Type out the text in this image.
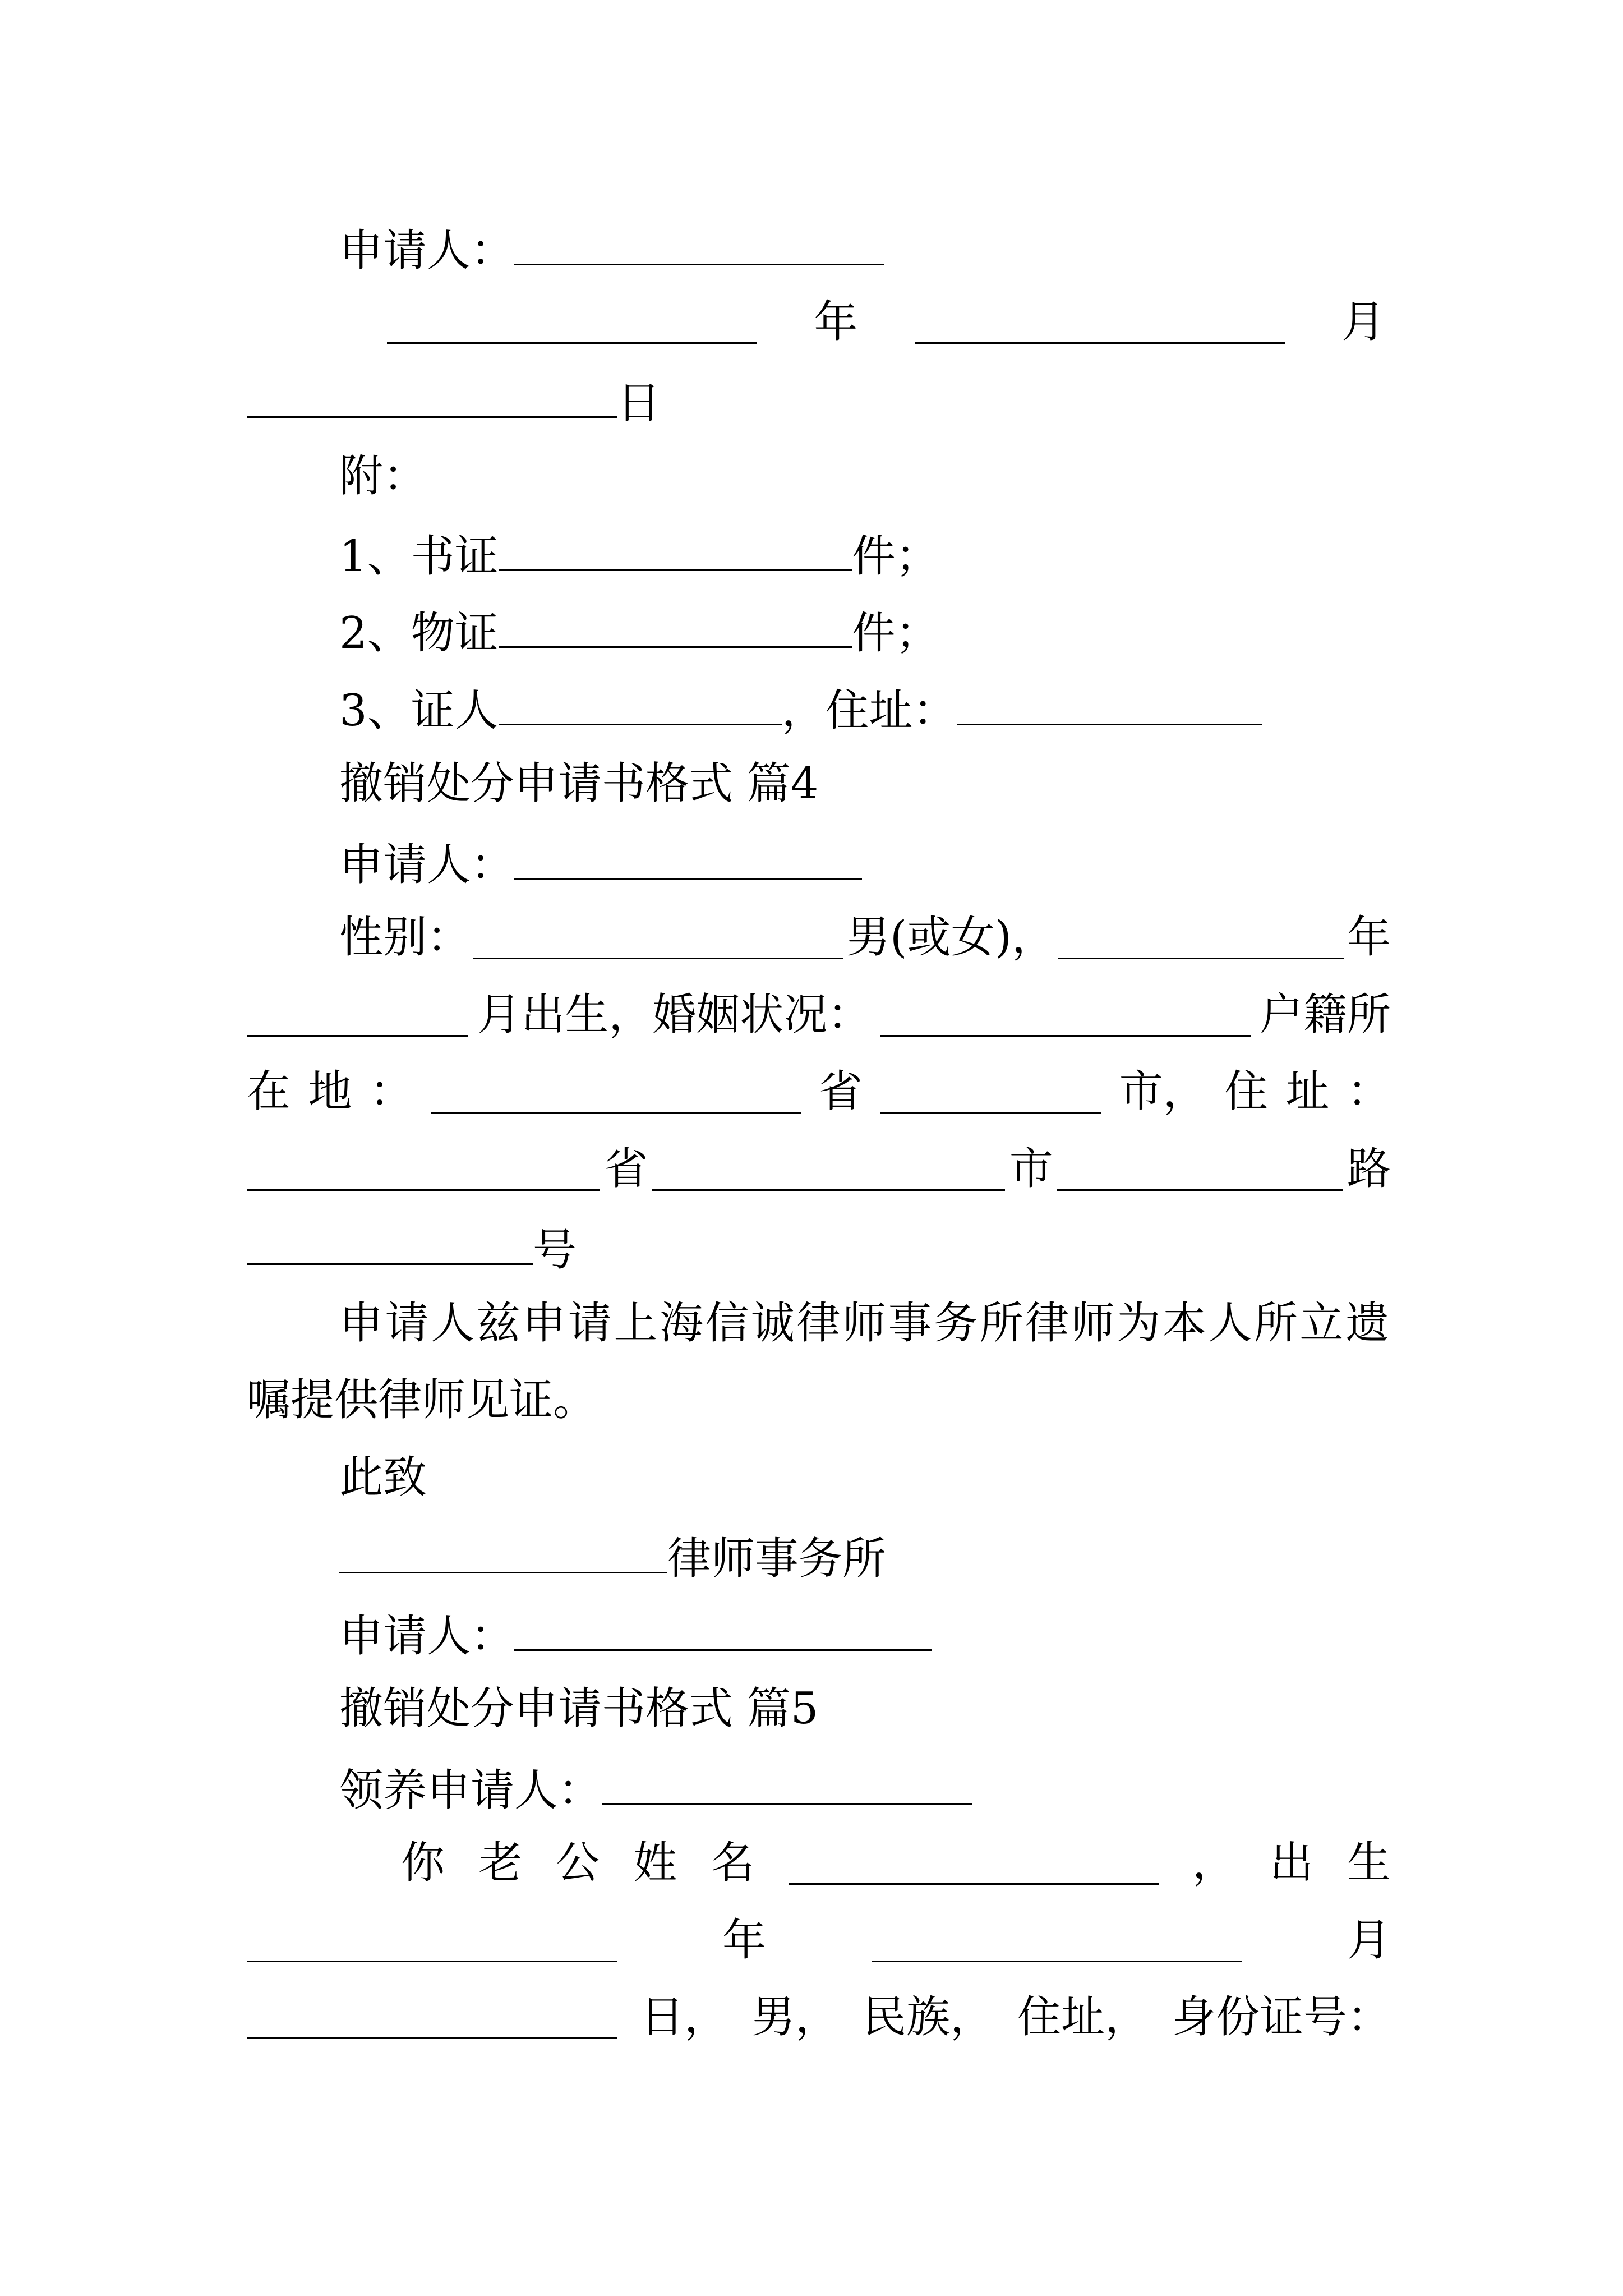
申请人：
年	月
日
附：
1、书证	件；
2、物证	件；
3、证人	，住址：
撤销处分申请书格式 篇4
申请人：
性别：	男(或女)，	年
月出生，婚姻状况：	户籍所
在 地 ：	省	市， 住 址 ：
省	市	路
号
申请人兹申请上海信诚律师事务所律师为本人所立遗
嘱提供律师见证。
此致
律师事务所
申请人：
撤销处分申请书格式 篇5
领养申请人：
你 老 公 姓 名	， 出 生
年	月
日， 男， 民族， 住址， 身份证号：
